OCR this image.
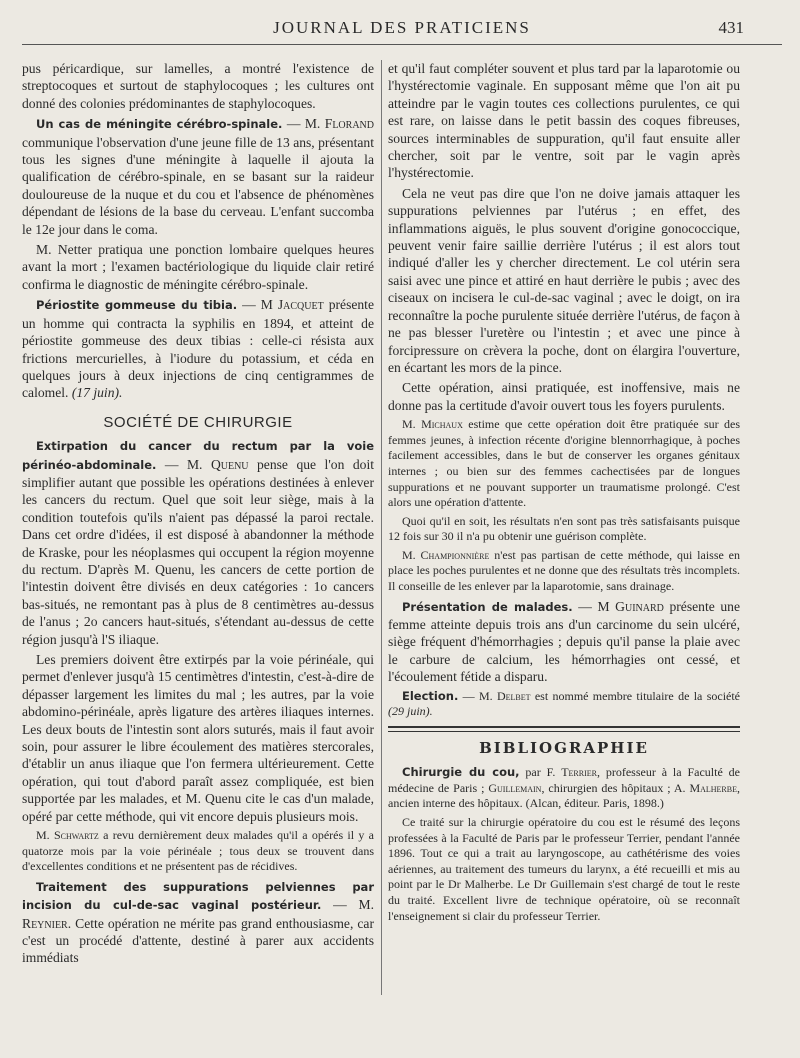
JOURNAL DES PRATICIENS	431

pus péricardique, sur lamelles, a montré l'existence de streptocoques et surtout de staphylocoques ; les cultures ont donné des colonies prédominantes de staphylocoques.

Un cas de méningite cérébro-spinale. — M. Florand communique l'observation d'une jeune fille de 13 ans, présentant tous les signes d'une méningite à laquelle il ajouta la qualification de cérébro-spinale, en se basant sur la raideur douloureuse de la nuque et du cou et l'absence de phénomènes dépendant de lésions de la base du cerveau. L'enfant succomba le 12e jour dans le coma.

M. Netter pratiqua une ponction lombaire quelques heures avant la mort ; l'examen bactériologique du liquide clair retiré confirma le diagnostic de méningite cérébro-spinale.

Périostite gommeuse du tibia. — M Jacquet présente un homme qui contracta la syphilis en 1894, et atteint de périostite gommeuse des deux tibias : celle-ci résista aux frictions mercurielles, à l'iodure du potassium, et céda en quelques jours à deux injections de cinq centigrammes de calomel. (17 juin).

SOCIÉTÉ DE CHIRURGIE

Extirpation du cancer du rectum par la voie périnéo-abdominale. — M. Quenu pense que l'on doit simplifier autant que possible les opérations destinées à enlever les cancers du rectum. Quel que soit leur siège, mais à la condition toutefois qu'ils n'aient pas dépassé la paroi rectale. Dans cet ordre d'idées, il est disposé à abandonner la méthode de Kraske, pour les néoplasmes qui occupent la région moyenne du rectum. D'après M. Quenu, les cancers de cette portion de l'intestin doivent être divisés en deux catégories : 1o cancers bas-situés, ne remontant pas à plus de 8 centimètres au-dessus de l'anus ; 2o cancers haut-situés, s'étendant au-dessus de cette région jusqu'à l'S iliaque.

Les premiers doivent être extirpés par la voie périnéale, qui permet d'enlever jusqu'à 15 centimètres d'intestin, c'est-à-dire de dépasser largement les limites du mal ; les autres, par la voie abdomino-périnéale, après ligature des artères iliaques internes. Les deux bouts de l'intestin sont alors suturés, mais il faut avoir soin, pour assurer le libre écoulement des matières stercorales, d'établir un anus iliaque que l'on fermera ultérieurement. Cette opération, qui tout d'abord paraît assez compliquée, est bien supportée par les malades, et M. Quenu cite le cas d'un malade, opéré par cette méthode, qui vit encore depuis plusieurs mois.

M. Schwartz a revu dernièrement deux malades qu'il a opérés il y a quatorze mois par la voie périnéale ; tous deux se trouvent dans d'excellentes conditions et ne présentent pas de récidives.

Traitement des suppurations pelviennes par incision du cul-de-sac vaginal postérieur. — M. Reynier. Cette opération ne mérite pas grand enthousiasme, car c'est un procédé d'attente, destiné à parer aux accidents immédiats

et qu'il faut compléter souvent et plus tard par la laparotomie ou l'hystérectomie vaginale. En supposant même que l'on ait pu atteindre par le vagin toutes ces collections purulentes, ce qui est rare, on laisse dans le petit bassin des coques fibreuses, sources interminables de suppuration, qu'il faut ensuite aller chercher, soit par le ventre, soit par le vagin après l'hystérectomie.

Cela ne veut pas dire que l'on ne doive jamais attaquer les suppurations pelviennes par l'utérus ; en effet, des inflammations aiguës, le plus souvent d'origine gonococcique, peuvent venir faire saillie derrière l'utérus ; il est alors tout indiqué d'aller les y chercher directement. Le col utérin sera saisi avec une pince et attiré en haut derrière le pubis ; avec des ciseaux on incisera le cul-de-sac vaginal ; avec le doigt, on ira reconnaître la poche purulente située derrière l'utérus, de façon à ne pas blesser l'uretère ou l'intestin ; et avec une pince à forcipressure on crèvera la poche, dont on élargira l'ouverture, en écartant les mors de la pince.

Cette opération, ainsi pratiquée, est inoffensive, mais ne donne pas la certitude d'avoir ouvert tous les foyers purulents.

M. Michaux estime que cette opération doit être pratiquée sur des femmes jeunes, à infection récente d'origine blennorrhagique, à poches facilement accessibles, dans le but de conserver les organes génitaux internes ; ou bien sur des femmes cachectisées par de longues suppurations et ne pouvant supporter un traumatisme prolongé. C'est alors une opération d'attente.

Quoi qu'il en soit, les résultats n'en sont pas très satisfaisants puisque 12 fois sur 30 il n'a pu obtenir une guérison complète.

M. Championnière n'est pas partisan de cette méthode, qui laisse en place les poches purulentes et ne donne que des résultats très incomplets. Il conseille de les enlever par la laparotomie, sans drainage.

Présentation de malades. — M Guinard présente une femme atteinte depuis trois ans d'un carcinome du sein ulcéré, siège fréquent d'hémorrhagies ; depuis qu'il panse la plaie avec le carbure de calcium, les hémorrhagies ont cessé, et l'écoulement fétide a disparu.

Election. — M. Delbet est nommé membre titulaire de la société (29 juin).

BIBLIOGRAPHIE

Chirurgie du cou, par F. Terrier, professeur à la Faculté de médecine de Paris ; Guillemain, chirurgien des hôpitaux ; A. Malherbe, ancien interne des hôpitaux. (Alcan, éditeur. Paris, 1898.)

Ce traité sur la chirurgie opératoire du cou est le résumé des leçons professées à la Faculté de Paris par le professeur Terrier, pendant l'année 1896. Tout ce qui a trait au laryngoscope, au cathétérisme des voies aériennes, au traitement des tumeurs du larynx, a été recueilli et mis au point par le Dr Malherbe. Le Dr Guillemain s'est chargé de tout le reste du traité. Excellent livre de technique opératoire, où se reconnaît l'enseignement si clair du professeur Terrier.
